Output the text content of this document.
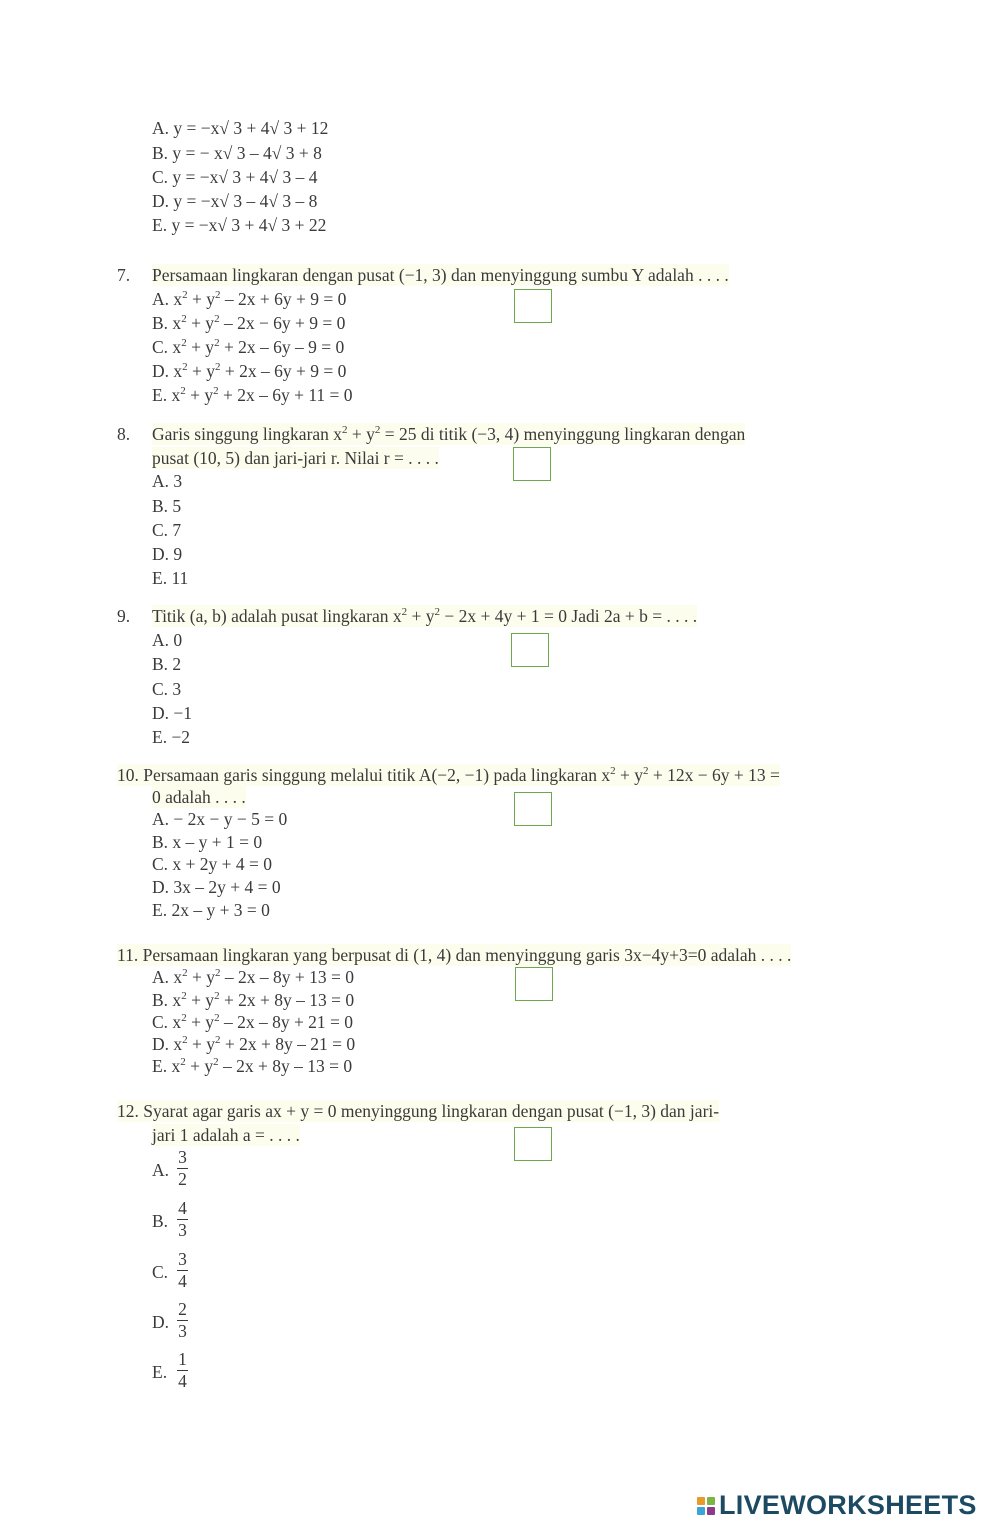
A. y = −x√ 3 + 4√ 3 + 12
B. y = − x√ 3 – 4√ 3 + 8
C. y = −x√ 3 + 4√ 3 – 4
D. y = −x√ 3 – 4√ 3 – 8
E. y = −x√ 3 + 4√ 3 + 22
7. Persamaan lingkaran dengan pusat (−1, 3) dan menyinggung sumbu Y adalah . . . .
A. $x^2 + y^2 - 2x + 6y + 9 = 0$
B. $x^2 + y^2 - 2x - 6y + 9 = 0$
C. $x^2 + y^2 + 2x - 6y - 9 = 0$
D. $x^2 + y^2 + 2x - 6y + 9 = 0$
E. $x^2 + y^2 + 2x - 6y + 11 = 0$
8. Garis singgung lingkaran $x^2 + y^2 = 25$ di titik (−3, 4) menyinggung lingkaran dengan
pusat (10, 5) dan jari-jari r. Nilai r = . . . .
A. 3
B. 5
C. 7
D. 9
E. 11
9. Titik (a, b) adalah pusat lingkaran $x^2 + y^2 - 2x + 4y + 1 = 0$ Jadi 2a + b = . . . .
A. 0
B. 2
C. 3
D. −1
E. −2
10. Persamaan garis singgung melalui titik A(−2, −1) pada lingkaran $x^2 + y^2 + 12x - 6y + 13$ =
0 adalah . . . .
A. − 2x − y − 5 = 0
B. x – y + 1 = 0
C. x + 2y + 4 = 0
D. 3x – 2y + 4 = 0
E. 2x – y + 3 = 0
11. Persamaan lingkaran yang berpusat di (1, 4) dan menyinggung garis 3x−4y+3=0 adalah . . . .
A. $x^2 + y^2 - 2x - 8y + 13 = 0$
B. $x^2 + y^2 + 2x + 8y - 13 = 0$
C. $x^2 + y^2 - 2x - 8y + 21 = 0$
D. $x^2 + y^2 + 2x + 8y - 21 = 0$
E. $x^2 + y^2 - 2x + 8y - 13 = 0$
12. Syarat agar garis ax + y = 0 menyinggung lingkaran dengan pusat (−1, 3) dan jari-
jari 1 adalah a = . . . .
A.
3
2
B.
4
3
C.
3
4
D.
2
3
E.
1
4
LIVEWORKSHEETS
